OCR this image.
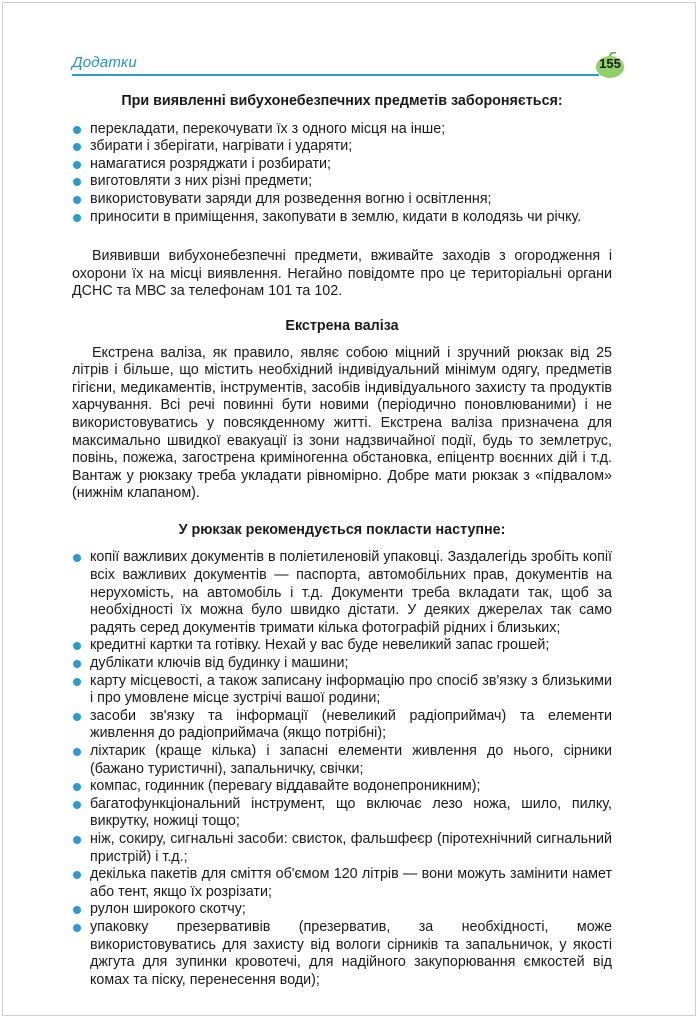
Додатки	155

При виявленні вибухонебезпечних предметів забороняється:

перекладати, перекочувати їх з одного місця на інше;
збирати і зберігати, нагрівати і ударяти;
намагатися розряджати і розбирати;
виготовляти з них різні предмети;
використовувати заряди для розведення вогню і освітлення;
приносити в приміщення, закопувати в землю, кидати в колодязь чи річку.

Виявивши вибухонебезпечні предмети, вживайте заходів з огородження і охорони їх на місці виявлення. Негайно повідомте про це територіальні органи ДСНС та МВС за телефонам 101 та 102.

Екстрена валіза

Екстрена валіза, як правило, являє собою міцний і зручний рюкзак від 25 літрів і більше, що містить необхідний індивідуальний мінімум одягу, предметів гігієни, медикаментів, інструментів, засобів індивідуального захисту та продуктів харчування. Всі речі повинні бути новими (періодично поновлюваними) і не використовуватись у повсякденному житті. Екстрена валіза призначена для максимально швидкої евакуації із зони надзвичайної події, будь то землетрус, повінь, пожежа, загострена криміногенна обстановка, епіцентр воєнних дій і т.д. Вантаж у рюкзаку треба укладати рівномірно. Добре мати рюкзак з «підвалом» (нижнім клапаном).

У рюкзак рекомендується покласти наступне:

копії важливих документів в поліетиленовій упаковці. Заздалегідь зробіть копії всіх важливих документів — паспорта, автомобільних прав, документів на нерухомість, на автомобіль і т.д. Документи треба вкладати так, щоб за необхідності їх можна було швидко дістати. У деяких джерелах так само радять серед документів тримати кілька фотографій рідних і близьких;
кредитні картки та готівку. Нехай у вас буде невеликий запас грошей;
дублікати ключів від будинку і машини;
карту місцевості, а також записану інформацію про спосіб зв'язку з близькими і про умовлене місце зустрічі вашої родини;
засоби зв'язку та інформації (невеликий радіоприймач) та елементи живлення до радіоприймача (якщо потрібні);
ліхтарик (краще кілька) і запасні елементи живлення до нього, сірники (бажано туристичні), запальничку, свічки;
компас, годинник (перевагу віддавайте водонепроникним);
багатофункціональний інструмент, що включає лезо ножа, шило, пилку, викрутку, ножиці тощо;
ніж, сокиру, сигнальні засоби: свисток, фальшфеєр (піротехнічний сигнальний пристрій) і т.д.;
декілька пакетів для сміття об'ємом 120 літрів — вони можуть замінити намет або тент, якщо їх розрізати;
рулон широкого скотчу;
упаковку презервативів (презерватив, за необхідності, може використовуватись для захисту від вологи сірників та запальничок, у якості джгута для зупинки кровотечі, для надійного закупорювання ємкостей від комах та піску, перенесення води);
